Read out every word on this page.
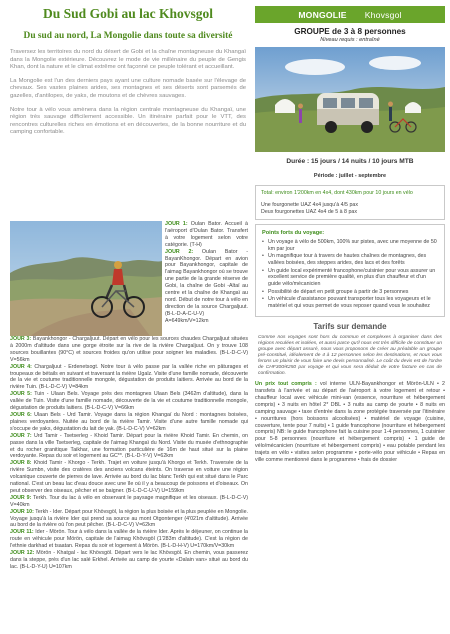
Du Sud Gobi au lac Khovsgol
Du sud au nord, La Mongolie dans toute sa diversité

Traversez les territoires du nord du désert de Gobi et la chaîne montagneuse du Khangaï dans la Mongolie extérieure. Découvrez le mode de vie millénaire du peuple de Gengis Khan, dont la nature et le climat extrême ont façonné ce peuple tolérant et accueillant.

La Mongolie est l'un des derniers pays ayant une culture nomade basée sur l'élevage de chevaux. Ses vastes plaines arides, ses montagnes et ses déserts sont parsemés de gazelles, d'antilopes, de yaks, de moutons et de chèvres sauvages.

Notre tour à vélo vous amènera dans la région centrale montagneuse du Khangaï, une région très sauvage difficilement accessible. Un itinéraire parfait pour le VTT, des rencontres culturelles riches en émotions et en découvertes, de la bonne nourriture et du camping confortable.

JOUR 1: Oulan Bator. Accueil à l'aéroport d'Oulan Bator. Transfert à votre logement selon votre catégorie. (T-H)
JOUR 2: Oulan Bator - BayanKhongor. Départ en avion pour Bayankhongor, capitale de l'aimag Bayankhongor où se trouve une partie de la grande réserve de Gobi, la chaîne de Gobi -Altaï au centre et la chaîne de Khangaï au nord. Début de notre tour à vélo en direction de la source Chargaljuut. (B-L-D-A-C-U-V) A=649km/V=12km
JOUR 3: Bayankhongor - Chargaljuut. Départ en vélo pour les sources chaudes Chargaljuut situées à 2000m d'altitude dans une gorge étroite sur la rive de la rivière Chargaljuut. On y trouve 108 sources bouillantes (90°C) et sources froides qu'on utilise pour soigner les maladies. (B-L-D-C-V) V=56km
JOUR 4: Chargaljuut - Erdenetsogt. Notre tour à vélo passe par la vallée riche en pâturages et troupeaux de bétails en suivant et traversant la rivière Ugalz. Visite d'une famille nomade, découverte de la vie et coutume traditionnelle mongole, dégustation de produits laitiers. Arrivée au bord de la rivière Tuin. (B-L-D-C-V) V=84km
JOUR 5: Tuin - Ulaan Bels. Voyage près des montagnes Ulaan Bels (3462m d'altitude), dans la vallée de Tuin. Visite d'une famille nomade, découverte de la vie et coutume traditionnelle mongole, dégustation de produits laitiers. (B-L-D-C-V) V=66km
JOUR 6: Ulaan Bels - Urd Tamir. Voyage dans la région Khangaï du Nord : montagnes boisées, plaines verdoyantes. Nuitée au bord de la rivière Tamir. Visite d'une autre famille nomade qui s'occupe de yaks, dégustation du lait de yak. (B-L-D-C-V) V=62km
JOUR 7: Urd Tamir - Tsetserleg - Khoid Tamir. Départ pour la rivière Khoid Tamir. En chemin, on passe dans la ville Tsetserleg, capitale de l'aimag Khangaï du Nord. Visite du musée d'ethnographie et du rocher granitique Taikhar, une formation particulière de 16m de haut situé sur la plaine verdoyante. Repas du soir et logement au GC**. (B-L-D-Y-V) V=62km
JOUR 8: Khoid Tamir - Khorgo - Terkh. Trajet en voiture jusqu'à Khorgo et Terkh. Traversée de la rivière Sumbn, visite des cratères des anciens volcans éteints. On traverse en voiture une région volcanique couverte de pierres de lave. Arrivée au bord du lac blanc Terkh qui est situé dans le Parc national. C'est un beau lac d'eau douce avec une île où il y a beaucoup de poissons et d'oiseaux. On peut observer des oiseaux, pêcher et se baigner. (B-L-D-C-U-V) U=159km
JOUR 9: Terkh. Tour du lac à vélo en observant le paysage magnifique et les oiseaux. (B-L-D-C-V) V=40km
JOUR 10: Terkh - Ider. Départ pour Khövsgöl, la région la plus boisée et la plus peuplée en Mongolie. Voyage jusqu'à la rivière Ider qui prend sa source au mont Otgontenger (4'021m d'altitude). Arrivée au bord de la rivière où l'on peut pêcher. (B-L-D-C-V) V=62km
JOUR 11: Ider - Mörön. Tour à vélo dans la vallée de la rivière Ider. Après le déjeuner, on continue la route en véhicule pour Mörön, capitale de l'aimag Khövsgöl (1'283m d'altitude). C'est la région de l'ethnie darkhad et tsaatan. Repas du soir et logement à Mörön. (B-L-D-H-V) U=170km/V=30km
JOUR 12: Mörön - Khatgal - lac Khövsgöl. Départ vers le lac Khövsgöl. En chemin, vous passerez dans la steppe, près d'un lac salé Erkhel. Arrivée au camp de yourte «Dalain van» situé au bord du lac. (B-L-D-Y-U) U=107km
MONGOLIE Khovsgol
GROUPE de 3 à 8 personnes
Niveau requis : entraîné
Durée : 15 jours / 14 nuits / 10 jours MTB
Période : juillet - septembre
Total: environ 1'200km en 4x4, dont 430km pour 10 jours en vélo
Une fourgonette UAZ 4x4 jusqu'à 4/5 pax
Deux fourgonettes UAZ 4x4 de 5 à 8 pax
Points forts du voyage:
• Un voyage à vélo de 500km, 100% sur pistes, avec une moyenne de 50 km par jour
• Un magnifique tour à travers de hautes chaînes de montagnes, des vallées boisées, des steppes arides, des lacs et des forêts
• Un guide local expérimenté francophone/cuisinier pour vous assurer un excellent service de première qualité, en plus d'un chauffeur et d'un guide vélo/mécanicien
• Possibilité de départ en petit groupe à partir de 3 personnes
• Un véhicule d'assistance pouvant transporter tous les voyageurs et le matériel et qui vous permet de vous reposer quand vous le souhaitez
Tarifs sur demande
Comme nos voyages sont hors du commun et complexes à organiser dans des régions reculées et isolées, et aussi parce qu'il nous est très difficile de constituer un groupe avec départ assuré, nous vous proposons de créer au préalable un groupe pré-constitué, idéalement de 4 à 12 personnes selon les destinations, et nous vous ferons un plaisir de vous faire une devis personnalisé. Le coût du devis est de l'ordre de CHF300/€250 par voyage et qui vous sera déduit de votre facture en cas de confirmation.
Un prix tout compris : vol interne ULN-Bayankhongor et Mörön-ULN • 2 transfets à l'arrivée et au départ de l'aéroport à votre logement et retour • chauffeur local avec véhicule mini-van (essence, nourriture et hébergement compris) • 3 nuits en hôtel 2* DBL • 3 nuits au camp de yourte • 8 nuits en camping sauvage • taxe d'entrée dans la zone protégée traversée par l'itinéraire • nourritures (hors boissons alcoolisées) • matériel de voyage (cuisine, couverture, tente pour 7 nuits) • 1 guide francophone (nourriture et hébergement compris) NB: le guide francophone fait la cuisine pour 1-4 personnes, 1 cuisinier pour 5-8 personnes (nourriture et hébergement compris) • 1 guide de vélo/mécanicien (nourriture et hébergement compris) • eau potable pendant les trajets en vélo • visites selon programme • porte-vélo pour véhicule • Repas en ville comme mentionné dans le programme • frais de dossier
